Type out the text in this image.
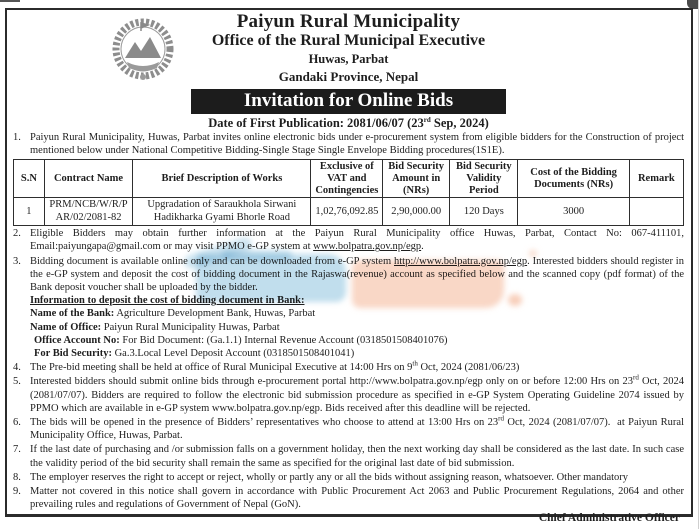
Paiyun Rural Municipality
Office of the Rural Municipal Executive
Huwas, Parbat
Gandaki Province, Nepal
Invitation for Online Bids
Date of First Publication: 2081/06/07 (23rd Sep, 2024)
1. Paiyun Rural Municipality, Huwas, Parbat invites online electronic bids under e-procurement system from eligible bidders for the Construction of project mentioned below under National Competitive Bidding-Single Stage Single Envelope Bidding procedures(1S1E).
S.N	Contract Name	Brief Description of Works	Exclusive of VAT and Contingencies	Bid Security Amount in (NRs)	Bid Security Validity Period	Cost of the Bidding Documents (NRs)	Remark
1	PRM/NCB/W/R/PAR/02/2081-82	Upgradation of Saraukhola Sirwani Hadikharka Gyami Bhorle Road	1,02,76,092.85	2,90,000.00	120 Days	3000	
2. Eligible Bidders may obtain further information at the Paiyun Rural Municipality office Huwas, Parbat, Contact No: 067-411101, Email:paiyungapa@gmail.com or may visit PPMO e-GP system at www.bolpatra.gov.np/egp.
3. Bidding document is available online only and can be downloaded from e-GP system http://www.bolpatra.gov.np/egp. Interested bidders should register in the e-GP system and deposit the cost of bidding document in the Rajaswa(revenue) account as specified below and the scanned copy (pdf format) of the Bank deposit voucher shall be uploaded by the bidder.
Information to deposit the cost of bidding document in Bank:
Name of the Bank: Agriculture Development Bank, Huwas, Parbat
Name of Office: Paiyun Rural Municipality Huwas, Parbat
Office Account No: For Bid Document: (Ga.1.1) Internal Revenue Account (0318501508401076)
For Bid Security: Ga.3.Local Level Deposit Account (0318501508401041)
4. The Pre-bid meeting shall be held at office of Rural Municipal Executive at 14:00 Hrs on 9th Oct, 2024 (2081/06/23)
5. Interested bidders should submit online bids through e-procurement portal http://www.bolpatra.gov.np/egp only on or before 12:00 Hrs on 23rd Oct, 2024 (2081/07/07). Bidders are required to follow the electronic bid submission procedure as specified in e-GP System Operating Guideline 2074 issued by PPMO which are available in e-GP system www.bolpatra.gov.np/egp. Bids received after this deadline will be rejected.
6. The bids will be opened in the presence of Bidders’ representatives who choose to attend at 13:00 Hrs on 23rd Oct, 2024 (2081/07/07).  at Paiyun Rural Municipality Office, Huwas, Parbat.
7. If the last date of purchasing and /or submission falls on a government holiday, then the next working day shall be considered as the last date. In such case the validity period of the bid security shall remain the same as specified for the original last date of bid submission.
8. The employer reserves the right to accept or reject, wholly or partly any or all the bids without assigning reason, whatsoever. Other mandatory
9. Matter not covered in this notice shall govern in accordance with Public Procurement Act 2063 and Public Procurement Regulations, 2064 and other prevailing rules and regulations of Government of Nepal (GoN).
Chief Administrative Officer
